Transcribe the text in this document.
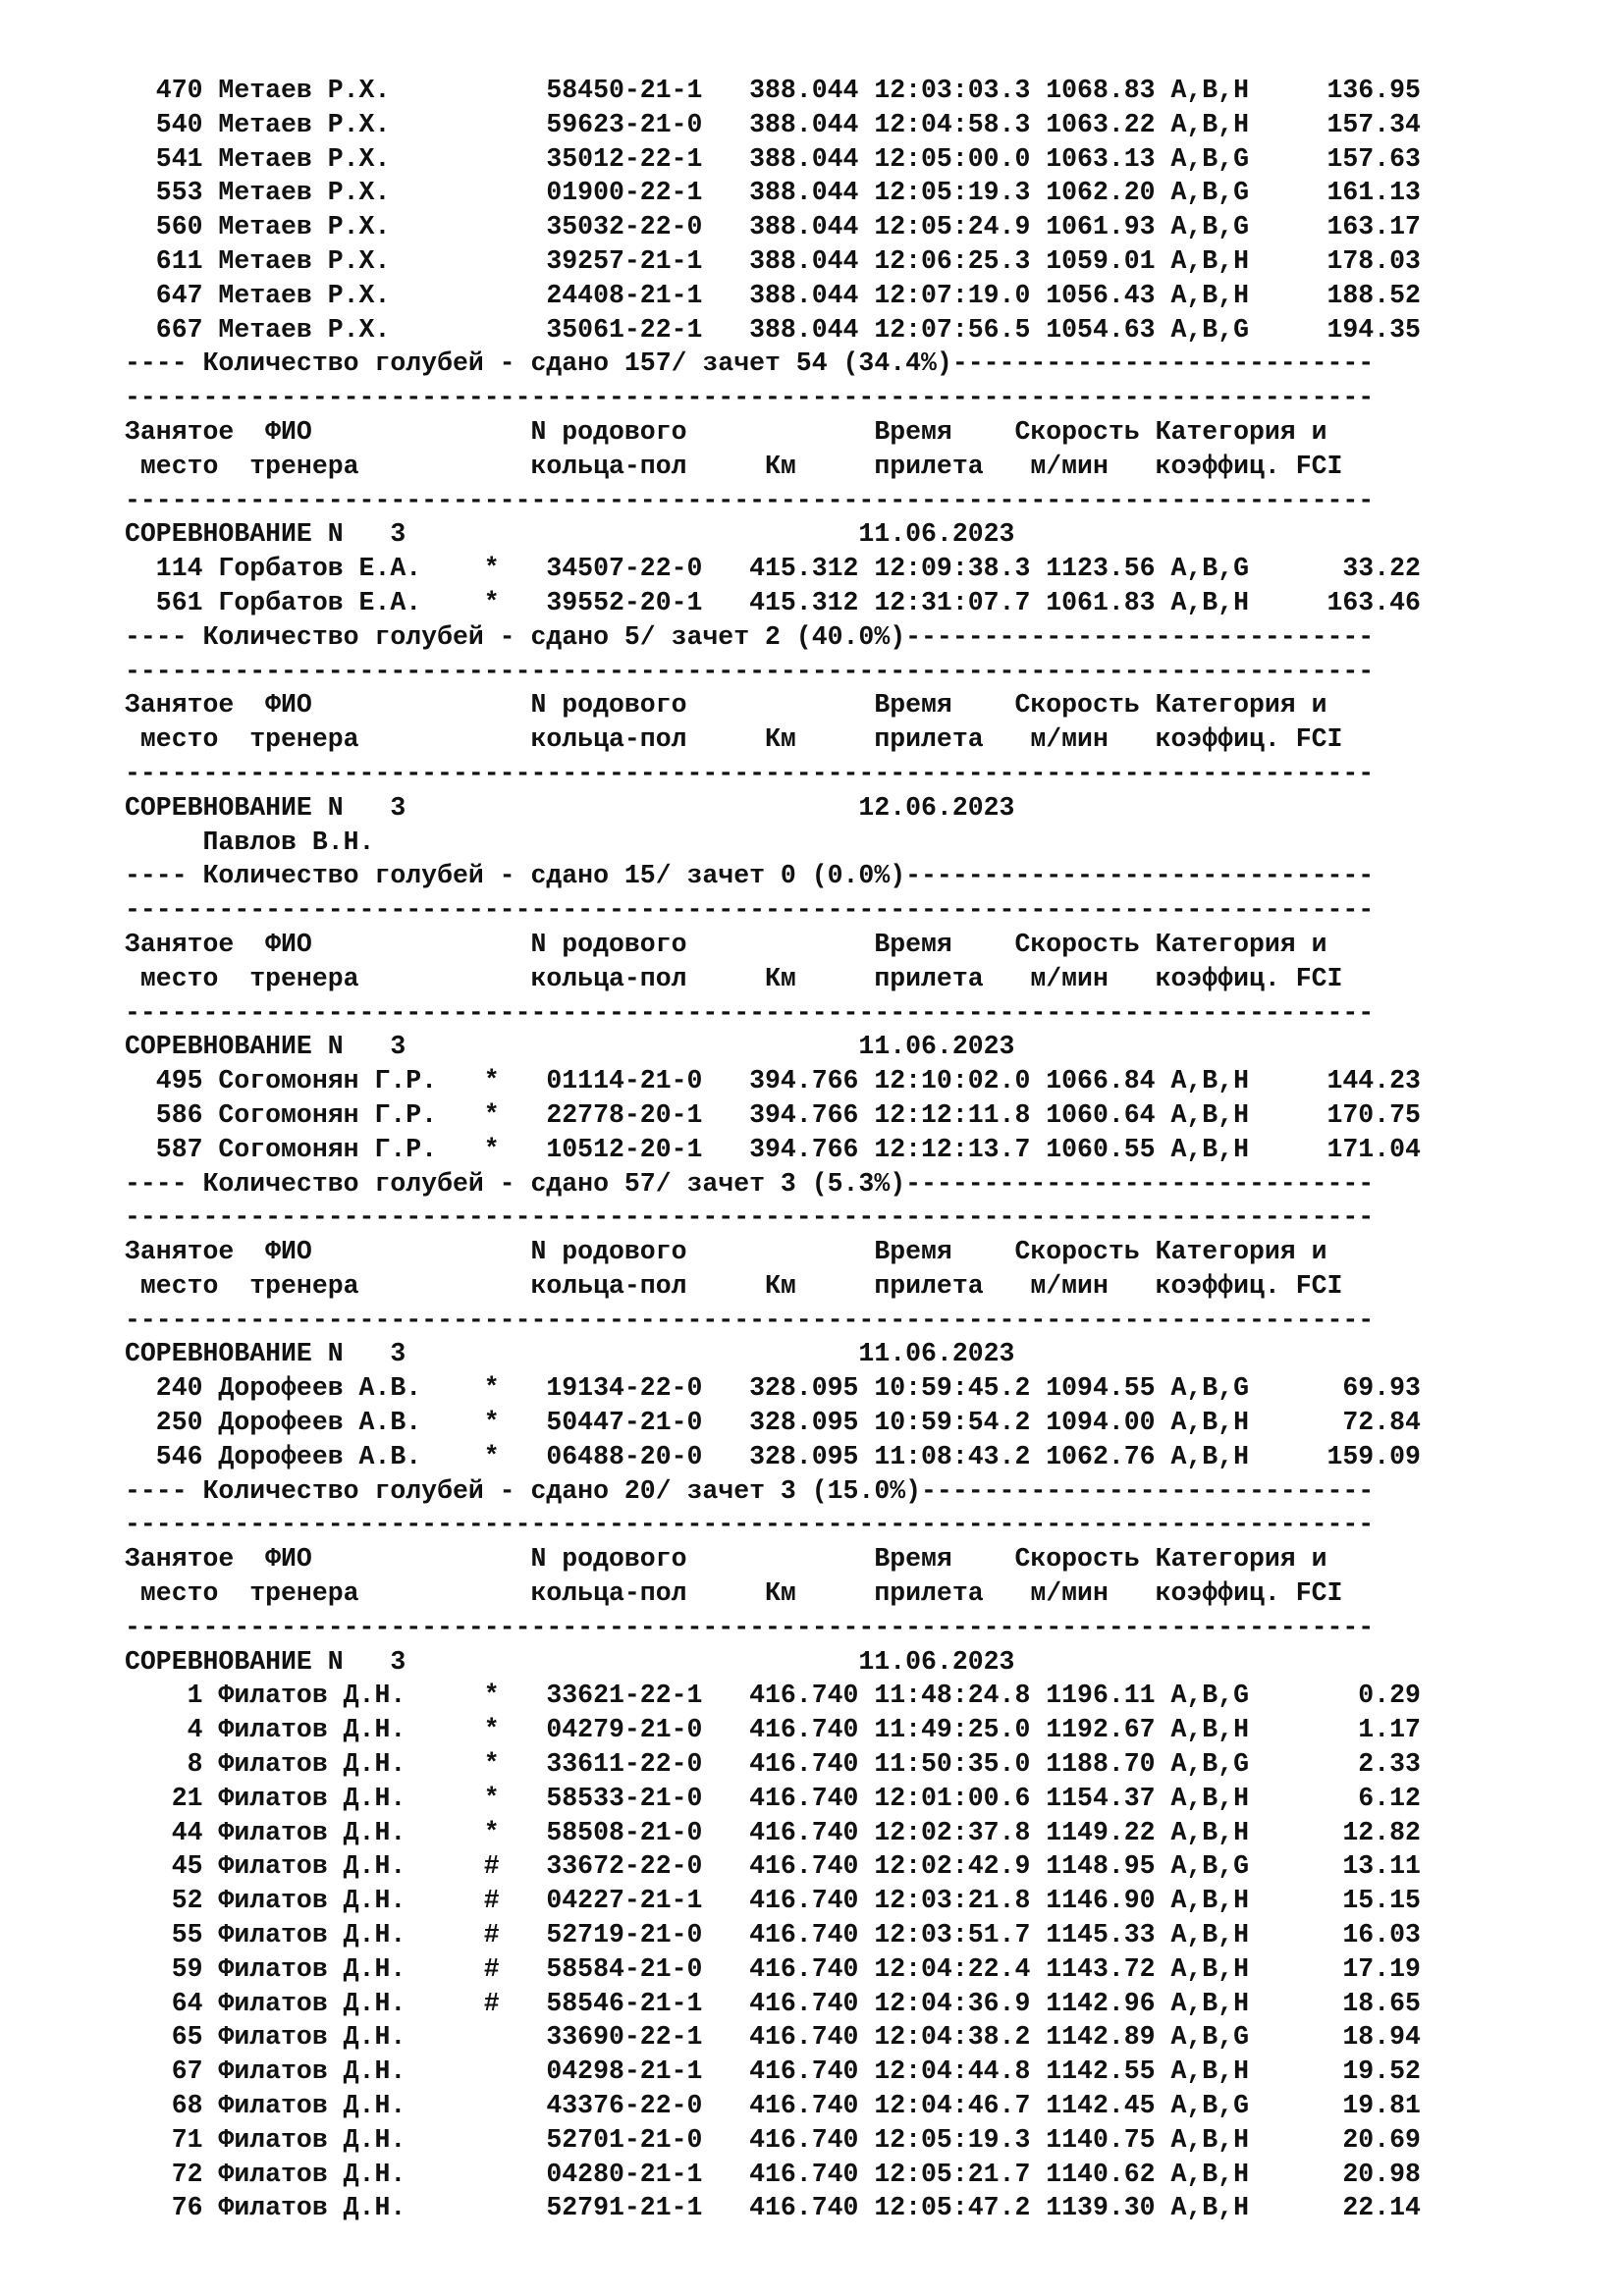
470 Метаев Р.Х.          58450-21-1   388.044 12:03:03.3 1068.83 A,B,H     136.95
540 Метаев Р.Х.          59623-21-0   388.044 12:04:58.3 1063.22 A,B,H     157.34
541 Метаев Р.Х.          35012-22-1   388.044 12:05:00.0 1063.13 A,B,G     157.63
553 Метаев Р.Х.          01900-22-1   388.044 12:05:19.3 1062.20 A,B,G     161.13
560 Метаев Р.Х.          35032-22-0   388.044 12:05:24.9 1061.93 A,B,G     163.17
611 Метаев Р.Х.          39257-21-1   388.044 12:06:25.3 1059.01 A,B,H     178.03
647 Метаев Р.Х.          24408-21-1   388.044 12:07:19.0 1056.43 A,B,H     188.52
667 Метаев Р.Х.          35061-22-1   388.044 12:07:56.5 1054.63 A,B,G     194.35
---- Количество голубей - сдано 157/ зачет 54 (34.4%)---------------------------
--------------------------------------------------------------------------------
Занятое  ФИО              N родового            Время    Скорость Категория и
место  тренера           кольца-пол     Км     прилета   м/мин   коэффиц. FCI
--------------------------------------------------------------------------------
СОРЕВНОВАНИЕ N   3                             11.06.2023
114 Горбатов Е.А.    *   34507-22-0   415.312 12:09:38.3 1123.56 A,B,G      33.22
561 Горбатов Е.А.    *   39552-20-1   415.312 12:31:07.7 1061.83 A,B,H     163.46
---- Количество голубей - сдано 5/ зачет 2 (40.0%)------------------------------
--------------------------------------------------------------------------------
Занятое  ФИО              N родового            Время    Скорость Категория и
место  тренера           кольца-пол     Км     прилета   м/мин   коэффиц. FCI
--------------------------------------------------------------------------------
СОРЕВНОВАНИЕ N   3                             12.06.2023
Павлов В.Н.
---- Количество голубей - сдано 15/ зачет 0 (0.0%)------------------------------
--------------------------------------------------------------------------------
Занятое  ФИО              N родового            Время    Скорость Категория и
место  тренера           кольца-пол     Км     прилета   м/мин   коэффиц. FCI
--------------------------------------------------------------------------------
СОРЕВНОВАНИЕ N   3                             11.06.2023
495 Согомонян Г.Р.   *   01114-21-0   394.766 12:10:02.0 1066.84 A,B,H     144.23
586 Согомонян Г.Р.   *   22778-20-1   394.766 12:12:11.8 1060.64 A,B,H     170.75
587 Согомонян Г.Р.   *   10512-20-1   394.766 12:12:13.7 1060.55 A,B,H     171.04
---- Количество голубей - сдано 57/ зачет 3 (5.3%)------------------------------
--------------------------------------------------------------------------------
Занятое  ФИО              N родового            Время    Скорость Категория и
место  тренера           кольца-пол     Км     прилета   м/мин   коэффиц. FCI
--------------------------------------------------------------------------------
СОРЕВНОВАНИЕ N   3                             11.06.2023
240 Дорофеев А.В.    *   19134-22-0   328.095 10:59:45.2 1094.55 A,B,G      69.93
250 Дорофеев А.В.    *   50447-21-0   328.095 10:59:54.2 1094.00 A,B,H      72.84
546 Дорофеев А.В.    *   06488-20-0   328.095 11:08:43.2 1062.76 A,B,H     159.09
---- Количество голубей - сдано 20/ зачет 3 (15.0%)-----------------------------
--------------------------------------------------------------------------------
Занятое  ФИО              N родового            Время    Скорость Категория и
место  тренера           кольца-пол     Км     прилета   м/мин   коэффиц. FCI
--------------------------------------------------------------------------------
СОРЕВНОВАНИЕ N   3                             11.06.2023
1 Филатов Д.Н.     *   33621-22-1   416.740 11:48:24.8 1196.11 A,B,G       0.29
4 Филатов Д.Н.     *   04279-21-0   416.740 11:49:25.0 1192.67 A,B,H       1.17
8 Филатов Д.Н.     *   33611-22-0   416.740 11:50:35.0 1188.70 A,B,G       2.33
21 Филатов Д.Н.     *   58533-21-0   416.740 12:01:00.6 1154.37 A,B,H       6.12
44 Филатов Д.Н.     *   58508-21-0   416.740 12:02:37.8 1149.22 A,B,H      12.82
45 Филатов Д.Н.     #   33672-22-0   416.740 12:02:42.9 1148.95 A,B,G      13.11
52 Филатов Д.Н.     #   04227-21-1   416.740 12:03:21.8 1146.90 A,B,H      15.15
55 Филатов Д.Н.     #   52719-21-0   416.740 12:03:51.7 1145.33 A,B,H      16.03
59 Филатов Д.Н.     #   58584-21-0   416.740 12:04:22.4 1143.72 A,B,H      17.19
64 Филатов Д.Н.     #   58546-21-1   416.740 12:04:36.9 1142.96 A,B,H      18.65
65 Филатов Д.Н.         33690-22-1   416.740 12:04:38.2 1142.89 A,B,G      18.94
67 Филатов Д.Н.         04298-21-1   416.740 12:04:44.8 1142.55 A,B,H      19.52
68 Филатов Д.Н.         43376-22-0   416.740 12:04:46.7 1142.45 A,B,G      19.81
71 Филатов Д.Н.         52701-21-0   416.740 12:05:19.3 1140.75 A,B,H      20.69
72 Филатов Д.Н.         04280-21-1   416.740 12:05:21.7 1140.62 A,B,H      20.98
76 Филатов Д.Н.         52791-21-1   416.740 12:05:47.2 1139.30 A,B,H      22.14
